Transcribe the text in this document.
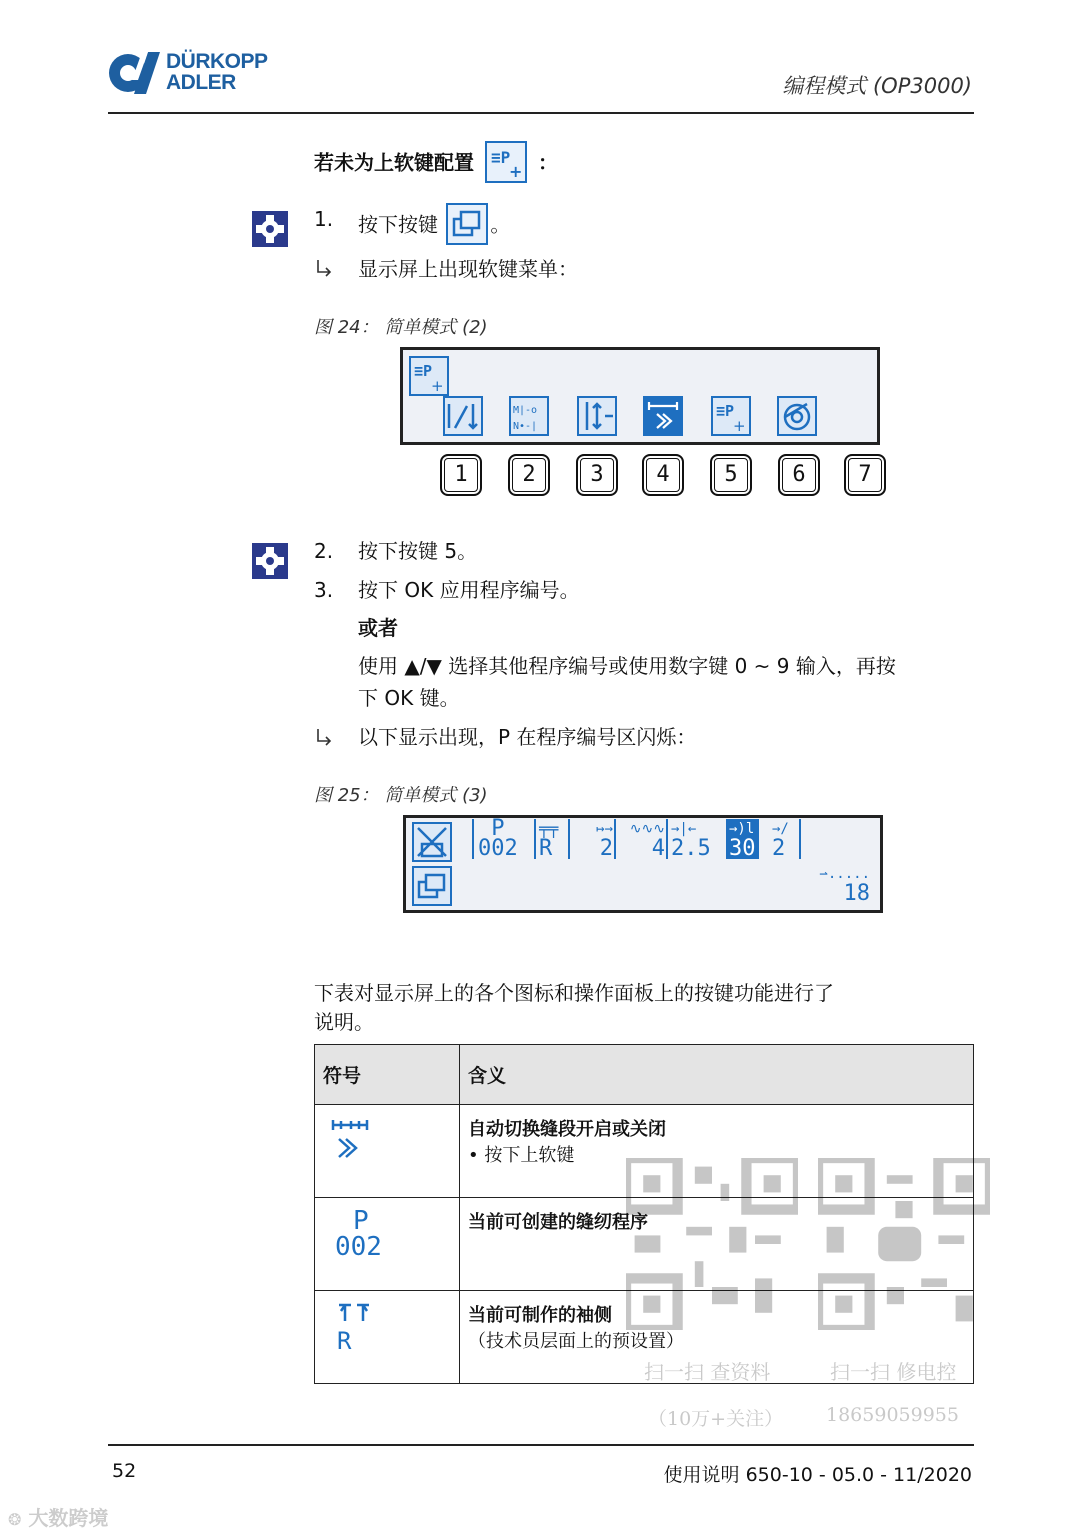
DÜRKOPP
ADLER	编程模式 (OP3000)
若未为上软键配置 ≡P
+ ：
1. 按下按键	。
显示屏上出现软键菜单：
图 24： 简单模式 (2)
≡P
+
M|-o
N•-|
≡P
+
1	2	3	4	5	6	7
2. 按下按键 5。
3. 按下 OK 应用程序编号。
或者
使用 ▲/▼ 选择其他程序编号或使用数字键 0 ~ 9 输入，再按
下 OK 键。
以下显示出现，P 在程序编号区闪烁：
图 25： 简单模式 (3)
P
002
╤╤
R
↦→
2
∿∿∿
4
→|←
2.5
→)l
30
→/
2
⇀.....
18
下表对显示屏上的各个图标和操作面板上的按键功能进行了
说明。
符号	含义

自动切换缝段开启或关闭
• 按下上软键

P
002	当前可创建的缝纫程序

R	当前可制作的袖侧
（技术员层面上的预设置）
扫一扫 查资料	扫一扫 修电控
（10万+关注） 18659059955
52	使用说明 650-10 - 05.0 - 11/2020
❂ 大数跨境
